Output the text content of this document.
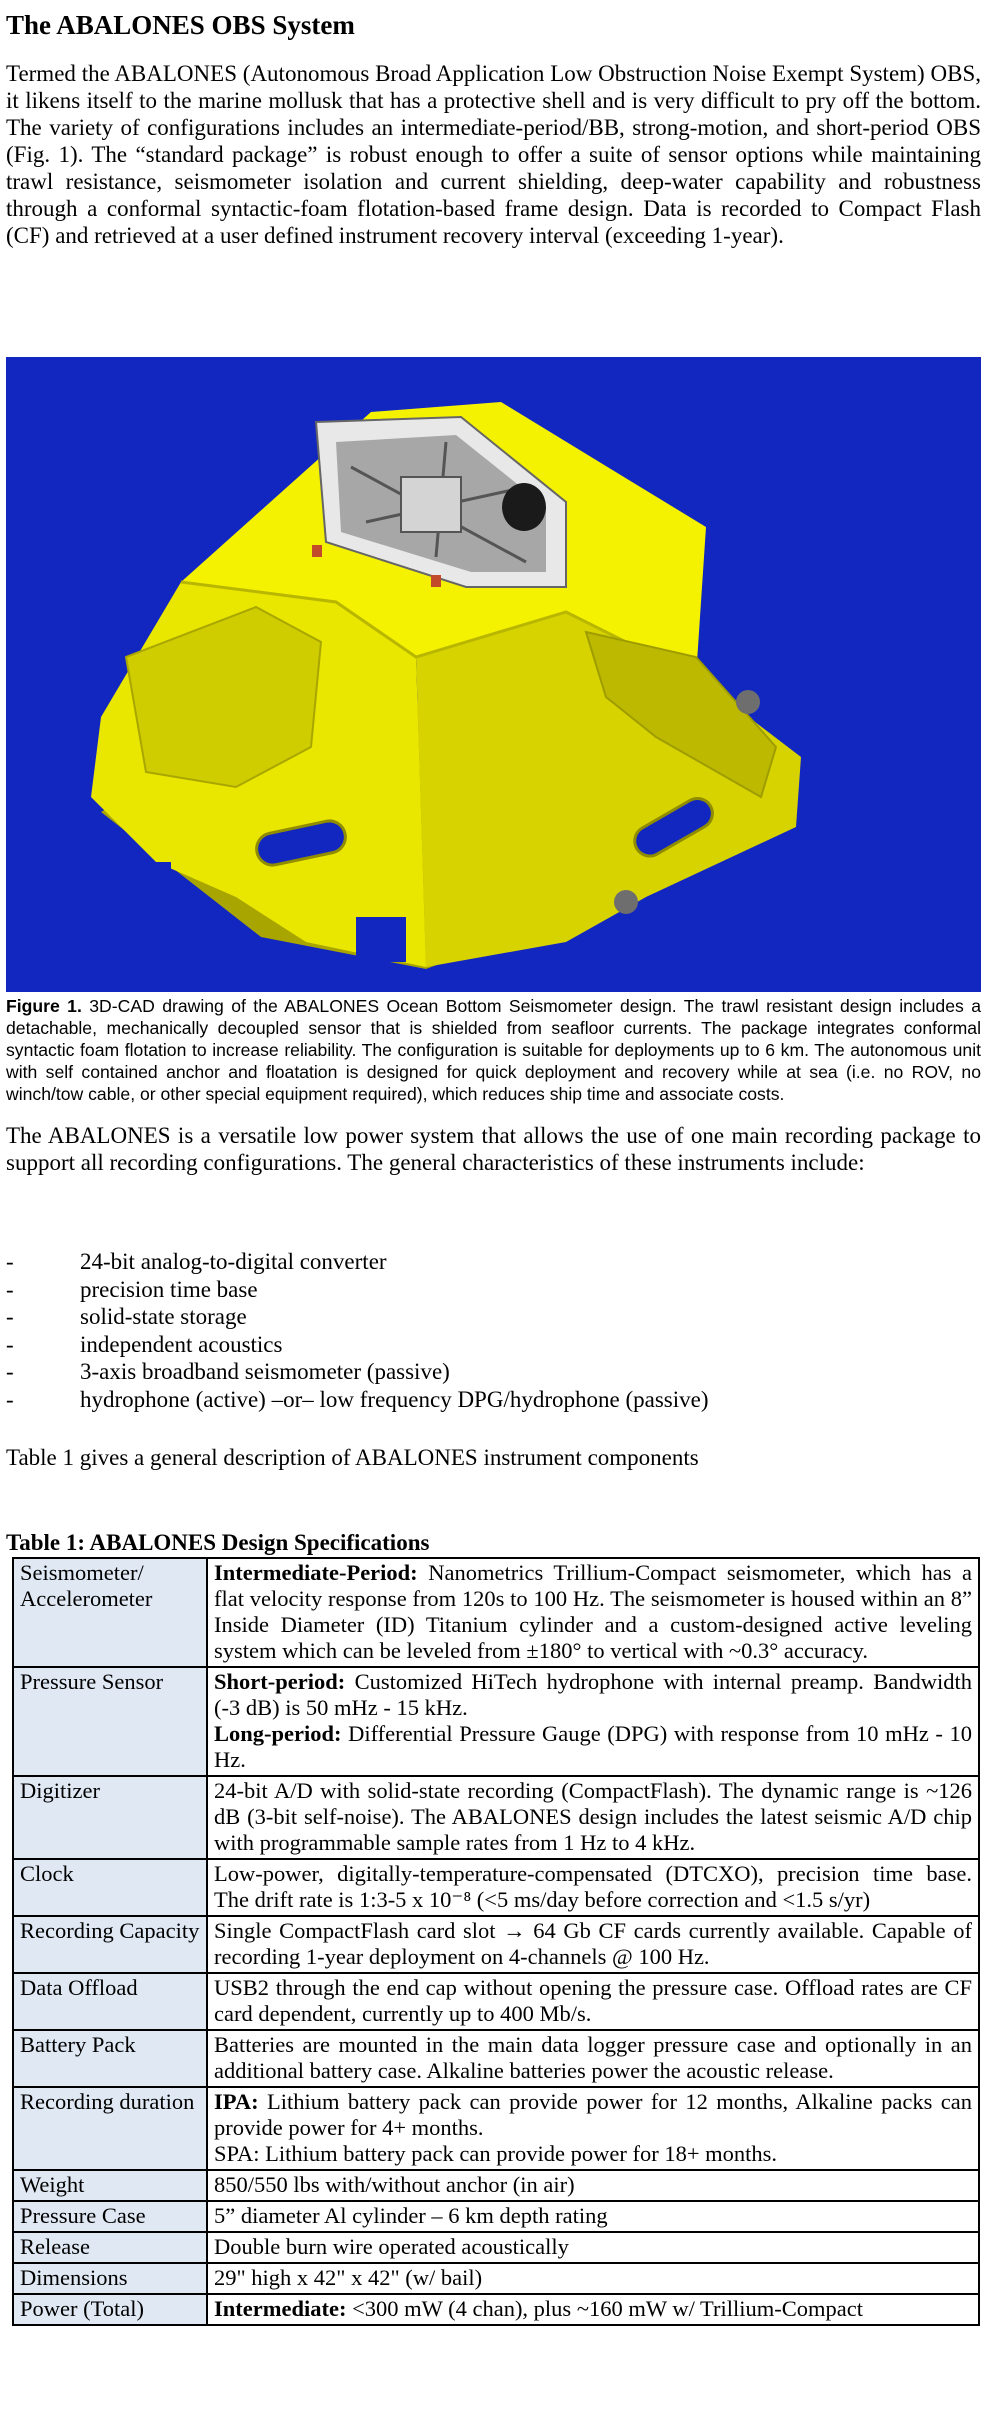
The ABALONES OBS System

Termed the ABALONES (Autonomous Broad Application Low Obstruction Noise Exempt System) OBS, it likens itself to the marine mollusk that has a protective shell and is very difficult to pry off the bottom. The variety of configurations includes an intermediate-period/BB, strong-motion, and short-period OBS (Fig. 1). The “standard package” is robust enough to offer a suite of sensor options while maintaining trawl resistance, seismometer isolation and current shielding, deep-water capability and robustness through a conformal syntactic-foam flotation-based frame design. Data is recorded to Compact Flash (CF) and retrieved at a user defined instrument recovery interval (exceeding 1-year).

Figure 1. 3D-CAD drawing of the ABALONES Ocean Bottom Seismometer design. The trawl resistant design includes a detachable, mechanically decoupled sensor that is shielded from seafloor currents. The package integrates conformal syntactic foam flotation to increase reliability. The configuration is suitable for deployments up to 6 km. The autonomous unit with self contained anchor and floatation is designed for quick deployment and recovery while at sea (i.e. no ROV, no winch/tow cable, or other special equipment required), which reduces ship time and associate costs.

The ABALONES is a versatile low power system that allows the use of one main recording package to support all recording configurations. The general characteristics of these instruments include:

-	24-bit analog-to-digital converter
-	precision time base
-	solid-state storage
-	independent acoustics
-	3-axis broadband seismometer (passive)
-	hydrophone (active) –or– low frequency DPG/hydrophone (passive)
Table 1 gives a general description of ABALONES instrument components
Table 1: ABALONES Design Specifications
Seismometer/ Accelerometer	Intermediate-Period: Nanometrics Trillium-Compact seismometer, which has a flat velocity response from 120s to 100 Hz. The seismometer is housed within an 8” Inside Diameter (ID) Titanium cylinder and a custom-designed active leveling system which can be leveled from ±180° to vertical with ~0.3° accuracy.
Pressure Sensor	Short-period: Customized HiTech hydrophone with internal preamp. Bandwidth (-3 dB) is 50 mHz - 15 kHz.
Long-period: Differential Pressure Gauge (DPG) with response from 10 mHz - 10 Hz.

Digitizer	24-bit A/D with solid-state recording (CompactFlash). The dynamic range is ~126 dB (3-bit self-noise). The ABALONES design includes the latest seismic A/D chip with programmable sample rates from 1 Hz to 4 kHz.
Clock	Low-power, digitally-temperature-compensated (DTCXO), precision time base. The drift rate is 1:3-5 x 10⁻⁸ (<5 ms/day before correction and <1.5 s/yr)
Recording Capacity	Single CompactFlash card slot → 64 Gb CF cards currently available. Capable of recording 1-year deployment on 4-channels @ 100 Hz.
Data Offload	USB2 through the end cap without opening the pressure case. Offload rates are CF card dependent, currently up to 400 Mb/s.
Battery Pack	Batteries are mounted in the main data logger pressure case and optionally in an additional battery case. Alkaline batteries power the acoustic release.
Recording duration	IPA: Lithium battery pack can provide power for 12 months, Alkaline packs can provide power for 4+ months.
SPA: Lithium battery pack can provide power for 18+ months.

Weight	850/550 lbs with/without anchor (in air)
Pressure Case	5” diameter Al cylinder – 6 km depth rating
Release	Double burn wire operated acoustically
Dimensions	29" high x 42" x 42" (w/ bail)
Power (Total)	Intermediate: <300 mW (4 chan), plus ~160 mW w/ Trillium-Compact
